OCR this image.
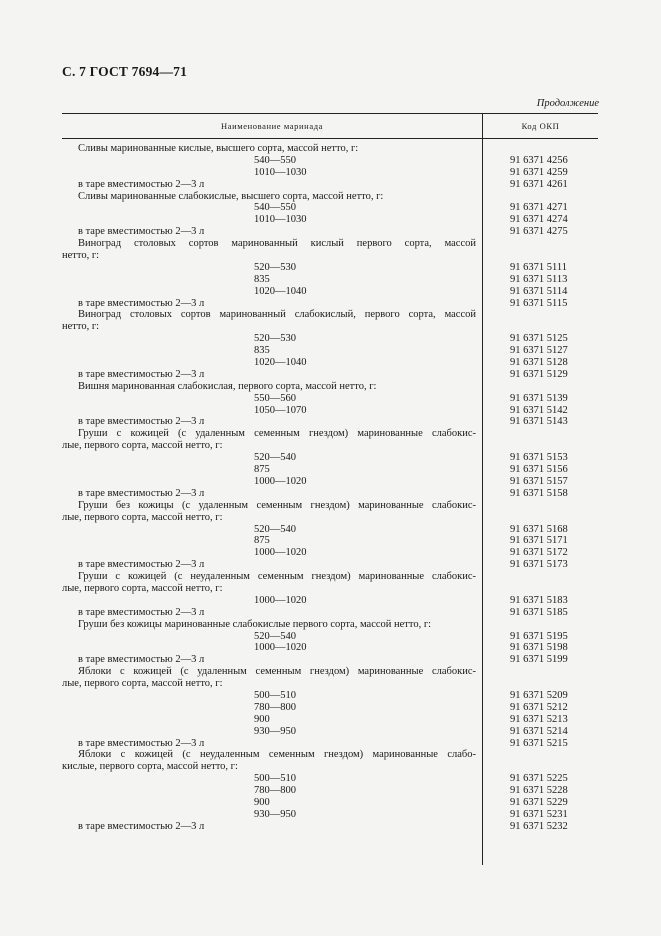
С. 7 ГОСТ 7694—71
Продолжение
Наименование маринада	Код ОКП
Сливы маринованные кислые, высшего сорта, массой нетто, г:
540—550	91 6371 4256
1010—1030	91 6371 4259
в таре вместимостью 2—3 л	91 6371 4261
Сливы маринованные слабокислые, высшего сорта, массой нетто, г:
540—550	91 6371 4271
1010—1030	91 6371 4274
в таре вместимостью 2—3 л	91 6371 4275
Виноград столовых сортов маринованный кислый первого сорта, массой
нетто, г:
520—530	91 6371 5111
835	91 6371 5113
1020—1040	91 6371 5114
в таре вместимостью 2—3 л	91 6371 5115
Виноград столовых сортов маринованный слабокислый, первого сорта, массой
нетто, г:
520—530	91 6371 5125
835	91 6371 5127
1020—1040	91 6371 5128
в таре вместимостью 2—3 л	91 6371 5129
Вишня маринованная слабокислая, первого сорта, массой нетто, г:
550—560	91 6371 5139
1050—1070	91 6371 5142
в таре вместимостью 2—3 л	91 6371 5143
Груши с кожицей (с удаленным семенным гнездом) маринованные слабокис-
лые, первого сорта, массой нетто, г:
520—540	91 6371 5153
875	91 6371 5156
1000—1020	91 6371 5157
в таре вместимостью 2—3 л	91 6371 5158
Груши без кожицы (с удаленным семенным гнездом) маринованные слабокис-
лые, первого сорта, массой нетто, г:
520—540	91 6371 5168
875	91 6371 5171
1000—1020	91 6371 5172
в таре вместимостью 2—3 л	91 6371 5173
Груши с кожицей (с неудаленным семенным гнездом) маринованные слабокис-
лые, первого сорта, массой нетто, г:
1000—1020	91 6371 5183
в таре вместимостью 2—3 л	91 6371 5185
Груши без кожицы маринованные слабокислые первого сорта, массой нетто, г:
520—540	91 6371 5195
1000—1020	91 6371 5198
в таре вместимостью 2—3 л	91 6371 5199
Яблоки с кожицей (с удаленным семенным гнездом) маринованные слабокис-
лые, первого сорта, массой нетто, г:
500—510	91 6371 5209
780—800	91 6371 5212
900	91 6371 5213
930—950	91 6371 5214
в таре вместимостью 2—3 л	91 6371 5215
Яблоки с кожицей (с неудаленным семенным гнездом) маринованные слабо-
кислые, первого сорта, массой нетто, г:
500—510	91 6371 5225
780—800	91 6371 5228
900	91 6371 5229
930—950	91 6371 5231
в таре вместимостью 2—3 л	91 6371 5232
